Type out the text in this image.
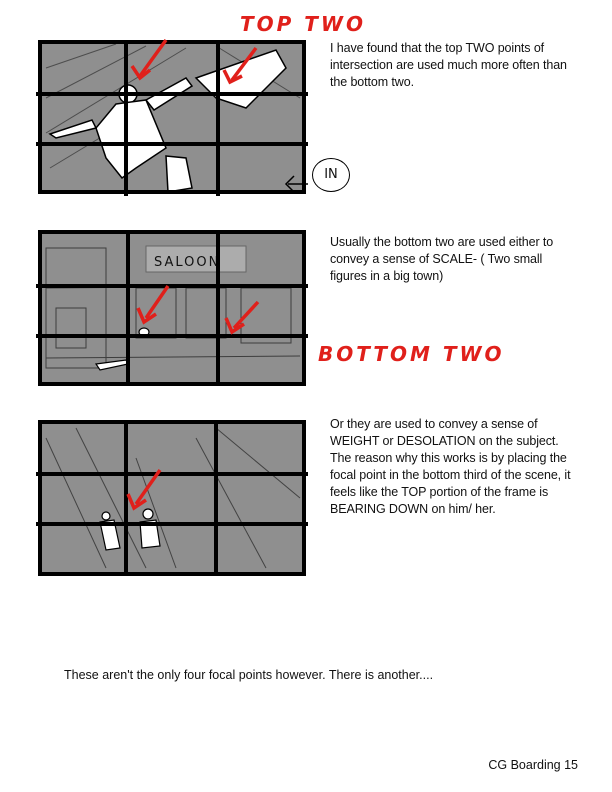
TOP TWO
IN
I have found that the top TWO points of intersection are used much more often than the bottom two.
SALOON
Usually the bottom two are used either to convey a sense of SCALE- ( Two small figures in a big town)
BOTTOM TWO
Or they are used to convey a sense of WEIGHT or DESOLATION on the subject. The reason why this works is by placing the focal point in the bottom third of the scene, it feels like the TOP portion of the frame is BEARING DOWN on him/ her.
These aren't the only four focal points however. There is another....
CG Boarding 15
